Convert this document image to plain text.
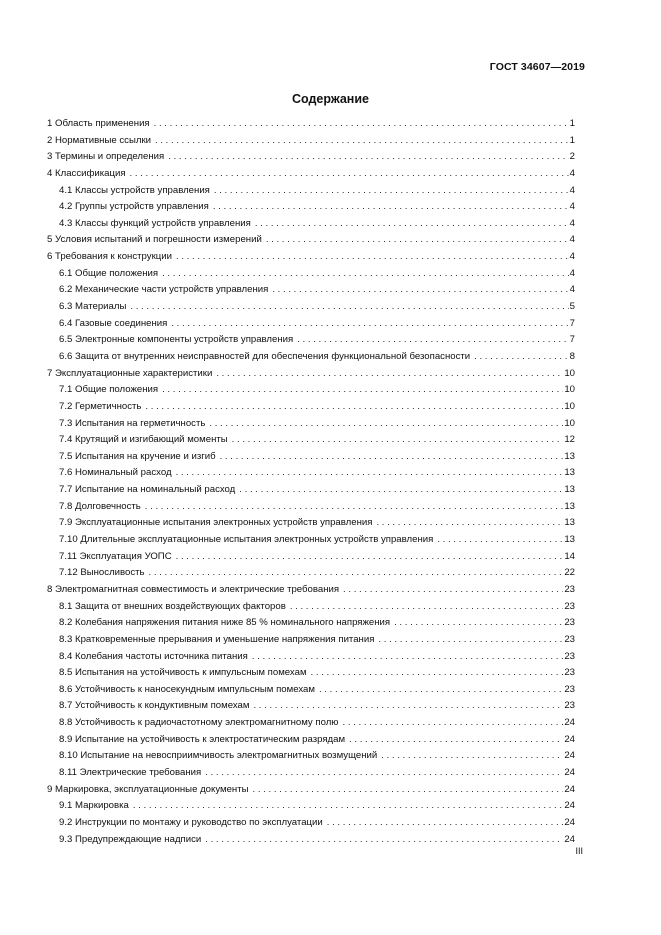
ГОСТ 34607—2019
Содержание
1 Область применения . . .	1
2 Нормативные ссылки . . .	1
3 Термины и определения . . .	2
4 Классификация . . .	4
4.1 Классы устройств управления . . .	4
4.2 Группы устройств управления . . .	4
4.3 Классы функций устройств управления . . .	4
5 Условия испытаний и погрешности измерений . . .	4
6 Требования к конструкции . . .	4
6.1 Общие положения . . .	4
6.2 Механические части устройств управления . . .	4
6.3 Материалы . . .	5
6.4 Газовые соединения . . .	7
6.5 Электронные компоненты устройств управления . . .	7
6.6 Защита от внутренних неисправностей для обеспечения функциональной безопасности . . .	8
7 Эксплуатационные характеристики . . .	10
7.1 Общие положения . . .	10
7.2 Герметичность . . .	10
7.3 Испытания на герметичность . . .	10
7.4 Крутящий и изгибающий моменты . . .	12
7.5 Испытания на кручение и изгиб . . .	13
7.6 Номинальный расход . . .	13
7.7 Испытание на номинальный расход . . .	13
7.8 Долговечность . . .	13
7.9 Эксплуатационные испытания электронных устройств управления . . .	13
7.10 Длительные эксплуатационные испытания электронных устройств управления . . .	13
7.11 Эксплуатация УОПС . . .	14
7.12 Выносливость . . .	22
8 Электромагнитная совместимость и электрические требования . . .	23
8.1 Защита от внешних воздействующих факторов . . .	23
8.2 Колебания напряжения питания ниже 85 % номинального напряжения . . .	23
8.3 Кратковременные прерывания и уменьшение напряжения питания . . .	23
8.4 Колебания частоты источника питания . . .	23
8.5 Испытания на устойчивость к импульсным помехам . . .	23
8.6 Устойчивость к наносекундным импульсным помехам . . .	23
8.7 Устойчивость к кондуктивным помехам . . .	23
8.8 Устойчивость к радиочастотному электромагнитному полю . . .	24
8.9 Испытание на устойчивость к электростатическим разрядам . . .	24
8.10 Испытание на невосприимчивость электромагнитных возмущений . . .	24
8.11 Электрические требования . . .	24
9 Маркировка, эксплуатационные документы . . .	24
9.1 Маркировка . . .	24
9.2 Инструкции по монтажу и руководство по эксплуатации . . .	24
9.3 Предупреждающие надписи . . .	24
III
